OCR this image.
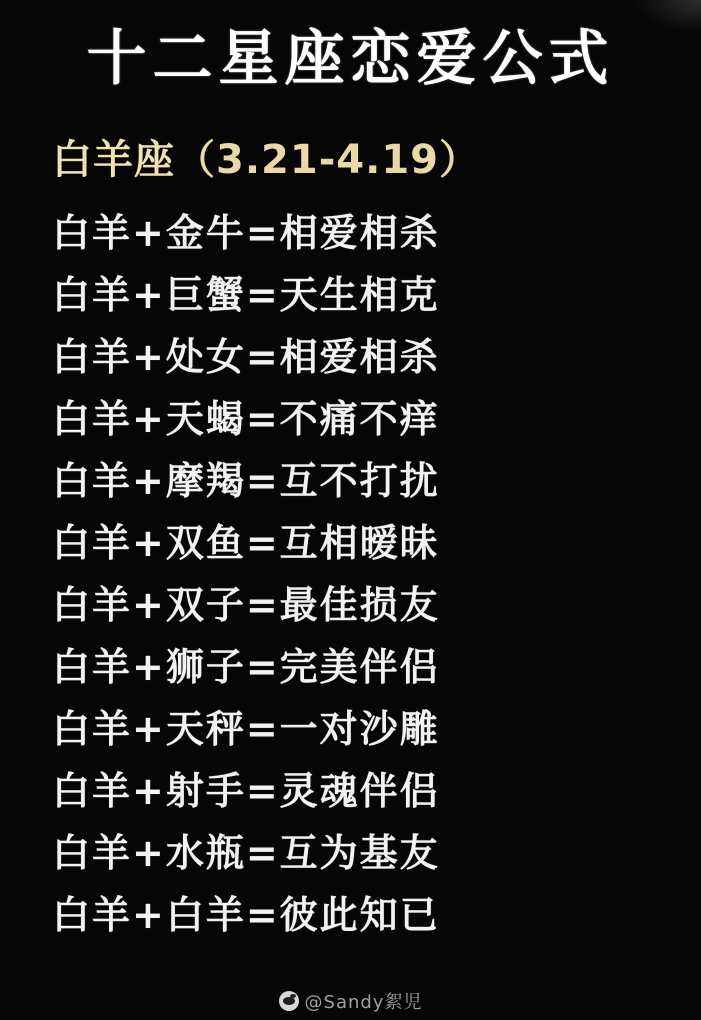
十二星座恋爱公式
白羊座（3.21-4.19）
白羊+金牛=相爱相杀
白羊+巨蟹=天生相克
白羊+处女=相爱相杀
白羊+天蝎=不痛不痒
白羊+摩羯=互不打扰
白羊+双鱼=互相暧昧
白羊+双子=最佳损友
白羊+狮子=完美伴侣
白羊+天秤=一对沙雕
白羊+射手=灵魂伴侣
白羊+水瓶=互为基友
白羊+白羊=彼此知已
@Sandy絮児
